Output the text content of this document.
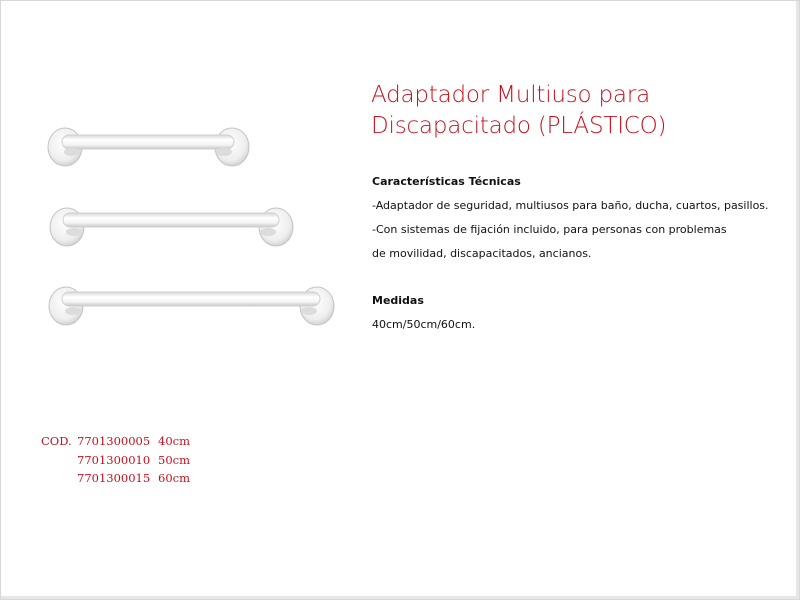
Adaptador Multiuso para
Discapacitado (PLÁSTICO)
Características Técnicas
-Adaptador de seguridad, multiusos para baño, ducha, cuartos, pasillos.
-Con sistemas de fijación incluido, para personas con problemas
de movilidad, discapacitados, ancianos.
Medidas
40cm/50cm/60cm.
COD. 7701300005 40cm
7701300010 50cm
7701300015 60cm
